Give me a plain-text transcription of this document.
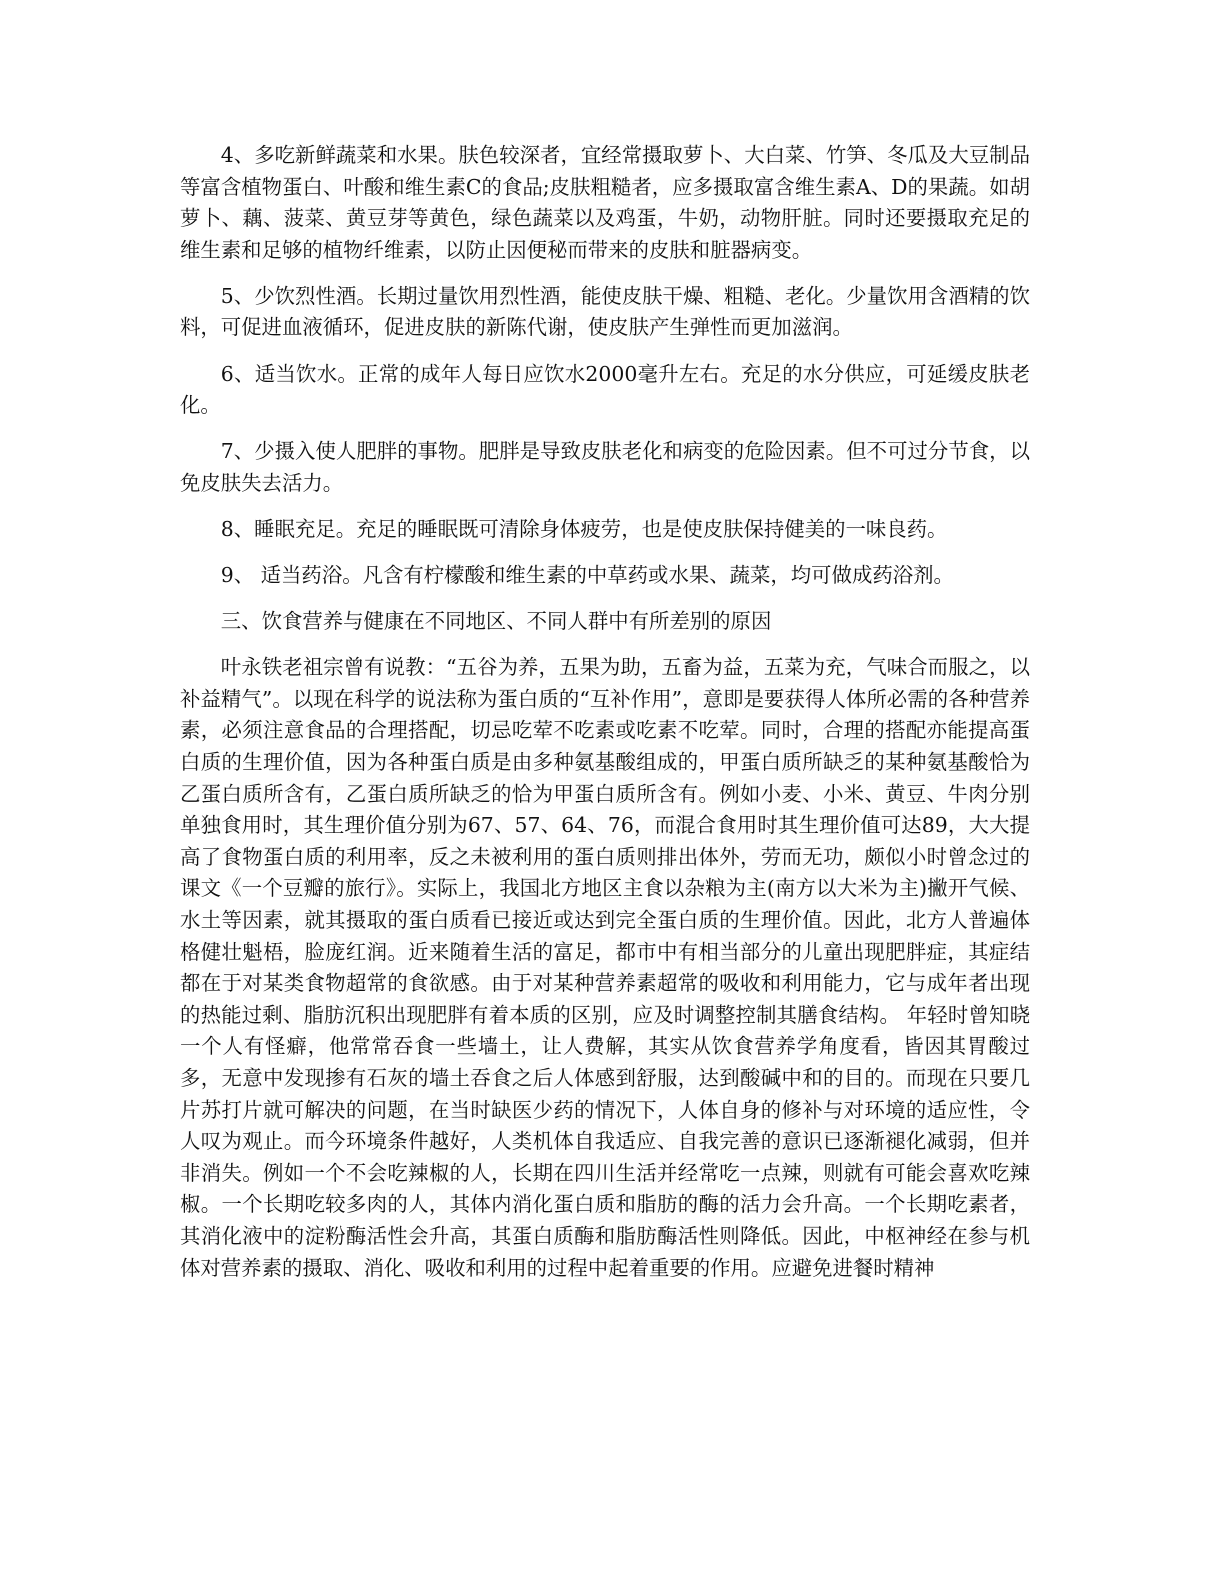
4、多吃新鲜蔬菜和水果。肤色较深者，宜经常摄取萝卜、大白菜、竹笋、冬瓜及大豆制品等富含植物蛋白、叶酸和维生素C的食品;皮肤粗糙者，应多摄取富含维生素A、D的果蔬。如胡萝卜、藕、菠菜、黄豆芽等黄色，绿色蔬菜以及鸡蛋，牛奶，动物肝脏。同时还要摄取充足的维生素和足够的植物纤维素，以防止因便秘而带来的皮肤和脏器病变。

5、少饮烈性酒。长期过量饮用烈性酒，能使皮肤干燥、粗糙、老化。少量饮用含酒精的饮料，可促进血液循环，促进皮肤的新陈代谢，使皮肤产生弹性而更加滋润。

6、适当饮水。正常的成年人每日应饮水2000毫升左右。充足的水分供应，可延缓皮肤老化。

7、少摄入使人肥胖的事物。肥胖是导致皮肤老化和病变的危险因素。但不可过分节食，以免皮肤失去活力。

8、睡眠充足。充足的睡眠既可清除身体疲劳，也是使皮肤保持健美的一味良药。

9、 适当药浴。凡含有柠檬酸和维生素的中草药或水果、蔬菜，均可做成药浴剂。

三、饮食营养与健康在不同地区、不同人群中有所差别的原因

叶永铁老祖宗曾有说教：“五谷为养，五果为助，五畜为益，五菜为充，气味合而服之，以补益精气”。以现在科学的说法称为蛋白质的“互补作用”，意即是要获得人体所必需的各种营养素，必须注意食品的合理搭配，切忌吃荤不吃素或吃素不吃荤。同时，合理的搭配亦能提高蛋白质的生理价值，因为各种蛋白质是由多种氨基酸组成的，甲蛋白质所缺乏的某种氨基酸恰为乙蛋白质所含有，乙蛋白质所缺乏的恰为甲蛋白质所含有。例如小麦、小米、黄豆、牛肉分别单独食用时，其生理价值分别为67、57、64、76，而混合食用时其生理价值可达89，大大提高了食物蛋白质的利用率，反之未被利用的蛋白质则排出体外，劳而无功，颇似小时曾念过的课文《一个豆瓣的旅行》。实际上，我国北方地区主食以杂粮为主(南方以大米为主)撇开气候、水土等因素，就其摄取的蛋白质看已接近或达到完全蛋白质的生理价值。因此，北方人普遍体格健壮魁梧，脸庞红润。近来随着生活的富足，都市中有相当部分的儿童出现肥胖症，其症结都在于对某类食物超常的食欲感。由于对某种营养素超常的吸收和利用能力，它与成年者出现的热能过剩、脂肪沉积出现肥胖有着本质的区别，应及时调整控制其膳食结构。 年轻时曾知晓一个人有怪癖，他常常吞食一些墙土，让人费解，其实从饮食营养学角度看，皆因其胃酸过多，无意中发现掺有石灰的墙土吞食之后人体感到舒服，达到酸碱中和的目的。而现在只要几片苏打片就可解决的问题，在当时缺医少药的情况下，人体自身的修补与对环境的适应性，令人叹为观止。而今环境条件越好，人类机体自我适应、自我完善的意识已逐渐褪化减弱，但并非消失。例如一个不会吃辣椒的人，长期在四川生活并经常吃一点辣，则就有可能会喜欢吃辣椒。一个长期吃较多肉的人，其体内消化蛋白质和脂肪的酶的活力会升高。一个长期吃素者，其消化液中的淀粉酶活性会升高，其蛋白质酶和脂肪酶活性则降低。因此，中枢神经在参与机体对营养素的摄取、消化、吸收和利用的过程中起着重要的作用。应避免进餐时精神
